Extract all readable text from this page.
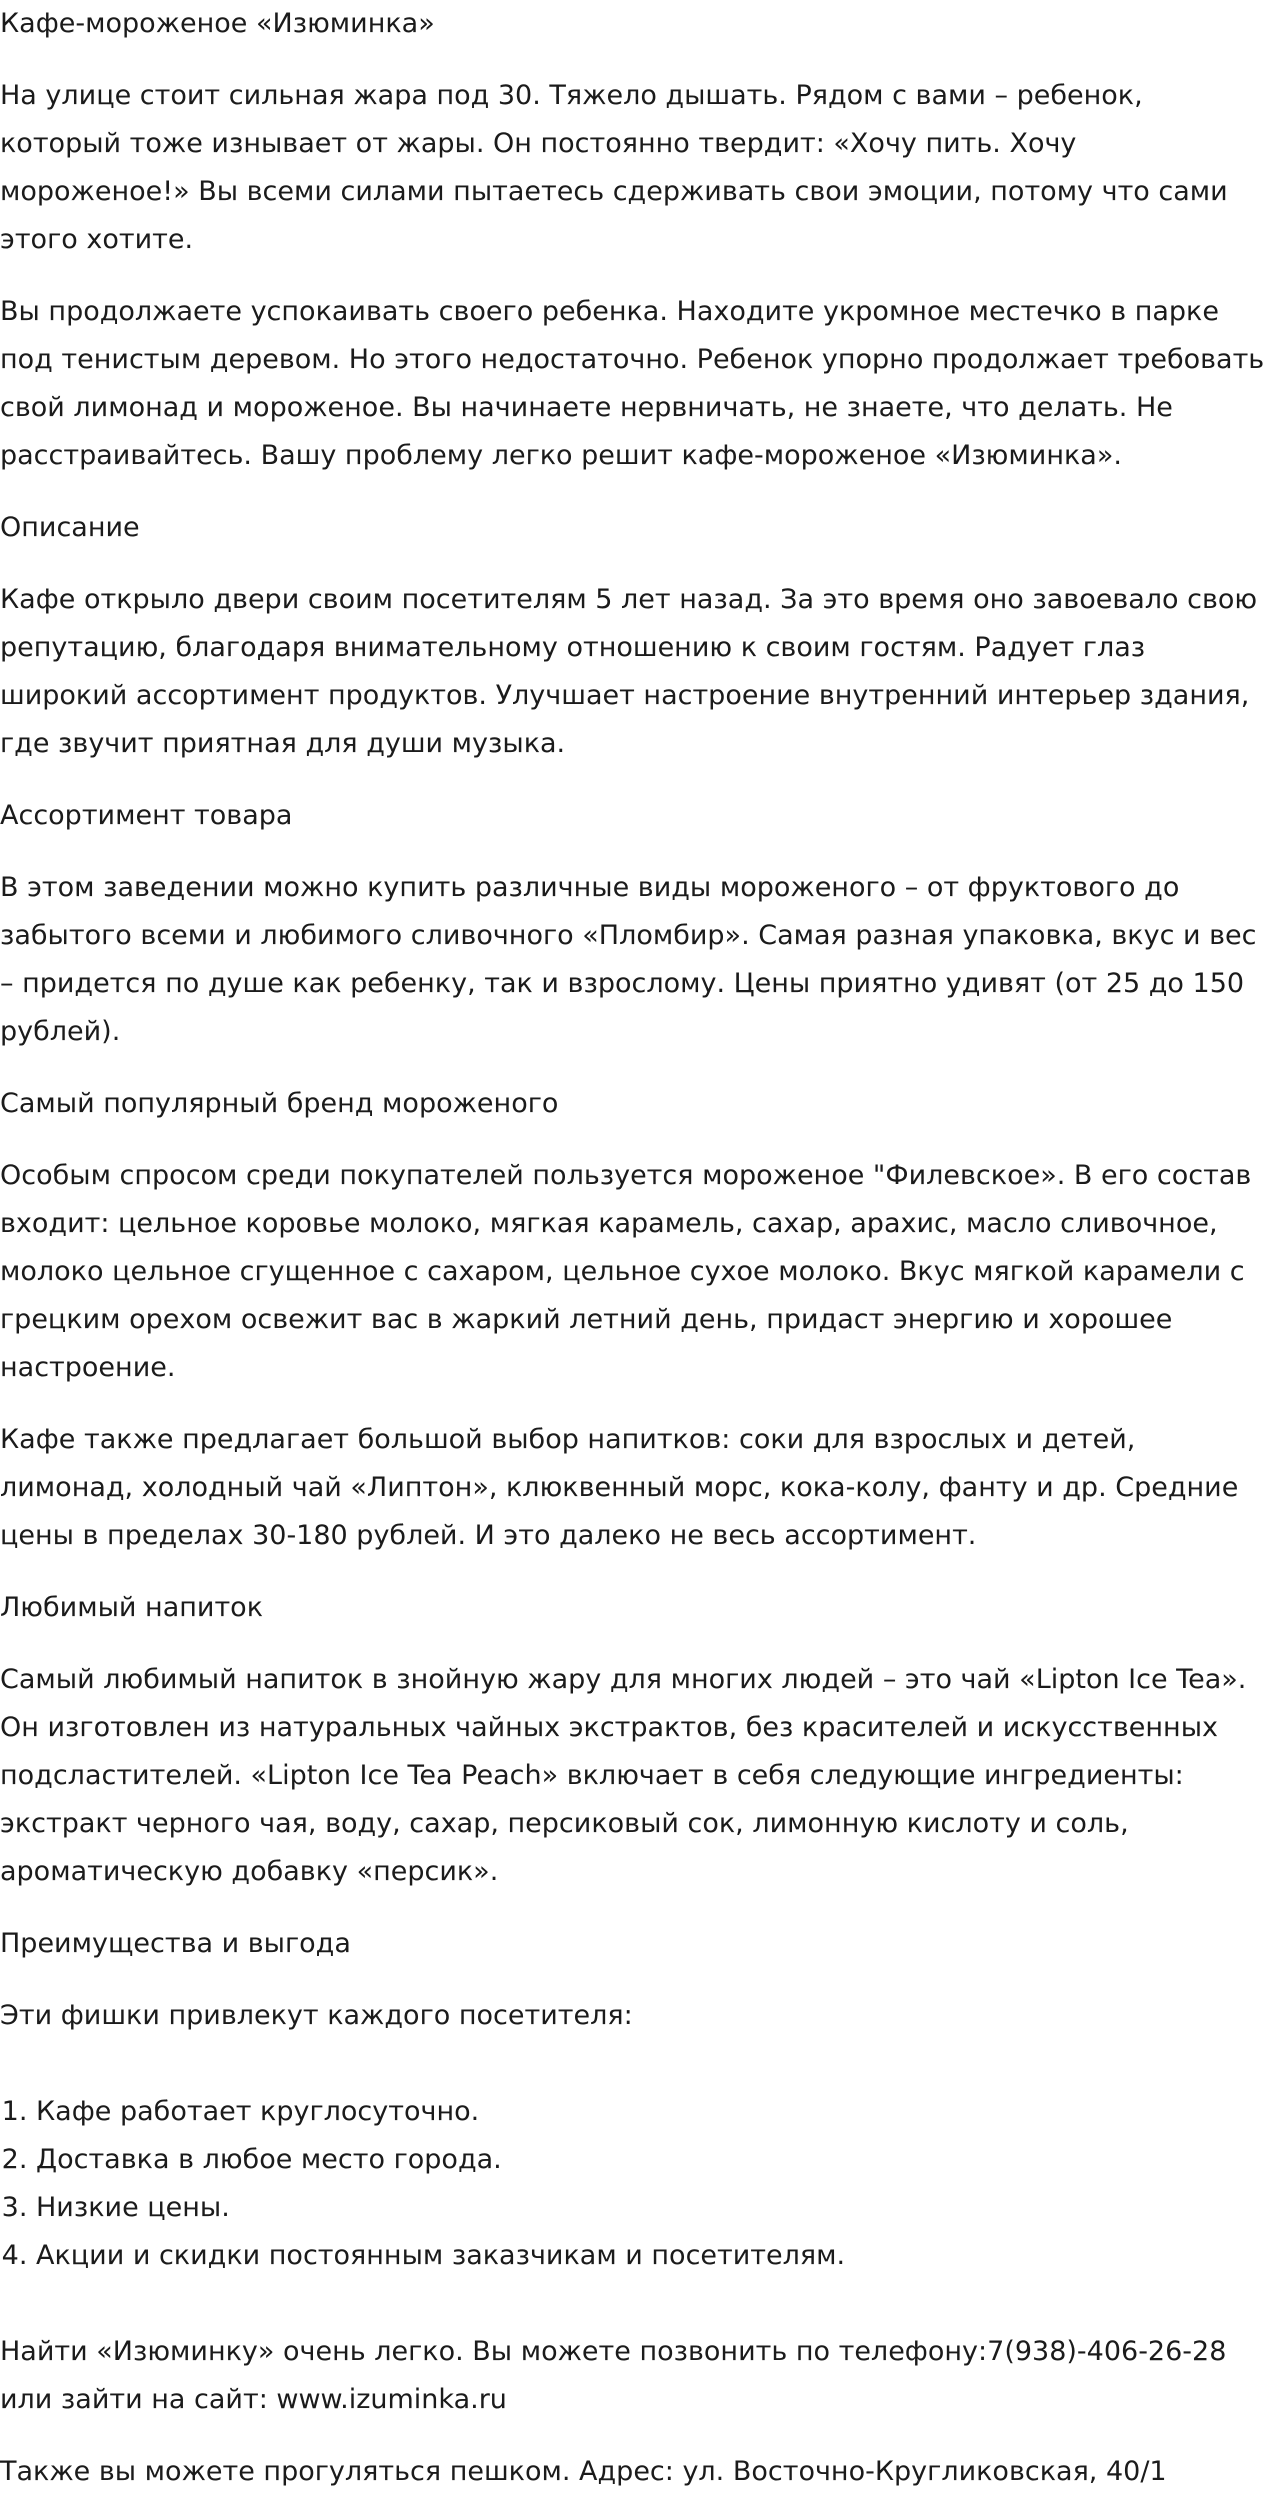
Кафе-мороженое «Изюминка»

На улице стоит сильная жара под 30. Тяжело дышать. Рядом с вами – ребенок, который тоже изнывает от жары. Он постоянно твердит: «Хочу пить. Хочу мороженое!» Вы всеми силами пытаетесь сдерживать свои эмоции, потому что сами этого хотите.

Вы продолжаете успокаивать своего ребенка. Находите укромное местечко в парке под тенистым деревом. Но этого недостаточно. Ребенок упорно продолжает требовать свой лимонад и мороженое. Вы начинаете нервничать, не знаете, что делать. Не расстраивайтесь. Вашу проблему легко решит кафе-мороженое «Изюминка».

Описание

Кафе открыло двери своим посетителям 5 лет назад. За это время оно завоевало свою репутацию, благодаря внимательному отношению к своим гостям. Радует глаз широкий ассортимент продуктов. Улучшает настроение внутренний интерьер здания, где звучит приятная для души музыка.

Ассортимент товара

В этом заведении можно купить различные виды мороженого – от фруктового до забытого всеми и любимого сливочного «Пломбир». Самая разная упаковка, вкус и вес – придется по душе как ребенку, так и взрослому. Цены приятно удивят (от 25 до 150 рублей).

Самый популярный бренд мороженого

Особым спросом среди покупателей пользуется мороженое "Филевское». В его состав входит: цельное коровье молоко, мягкая карамель, сахар, арахис, масло сливочное, молоко цельное сгущенное с сахаром, цельное сухое молоко. Вкус мягкой карамели с грецким орехом освежит вас в жаркий летний день, придаст энергию и хорошее настроение.

Кафе также предлагает большой выбор напитков: соки для взрослых и детей, лимонад, холодный чай «Липтон», клюквенный морс, кока-колу, фанту и др. Средние цены в пределах 30-180 рублей. И это далеко не весь ассортимент.

Любимый напиток

Самый любимый напиток в знойную жару для многих людей – это чай «Lipton Ice Tea». Он изготовлен из натуральных чайных экстрактов, без красителей и искусственных подсластителей. «Lipton Ice Tea Peach» включает в себя следующие ингредиенты: экстракт черного чая, воду, сахар, персиковый сок, лимонную кислоту и соль, ароматическую добавку «персик».

Преимущества и выгода

Эти фишки привлекут каждого посетителя:

1. Кафе работает круглосуточно.
2. Доставка в любое место города.
3. Низкие цены.
4. Акции и скидки постоянным заказчикам и посетителям.

Найти «Изюминку» очень легко. Вы можете позвонить по телефону:7(938)-406-26-28 или зайти на сайт: www.izuminka.ru

Также вы можете прогуляться пешком. Адрес: ул. Восточно-Кругликовская, 40/1
